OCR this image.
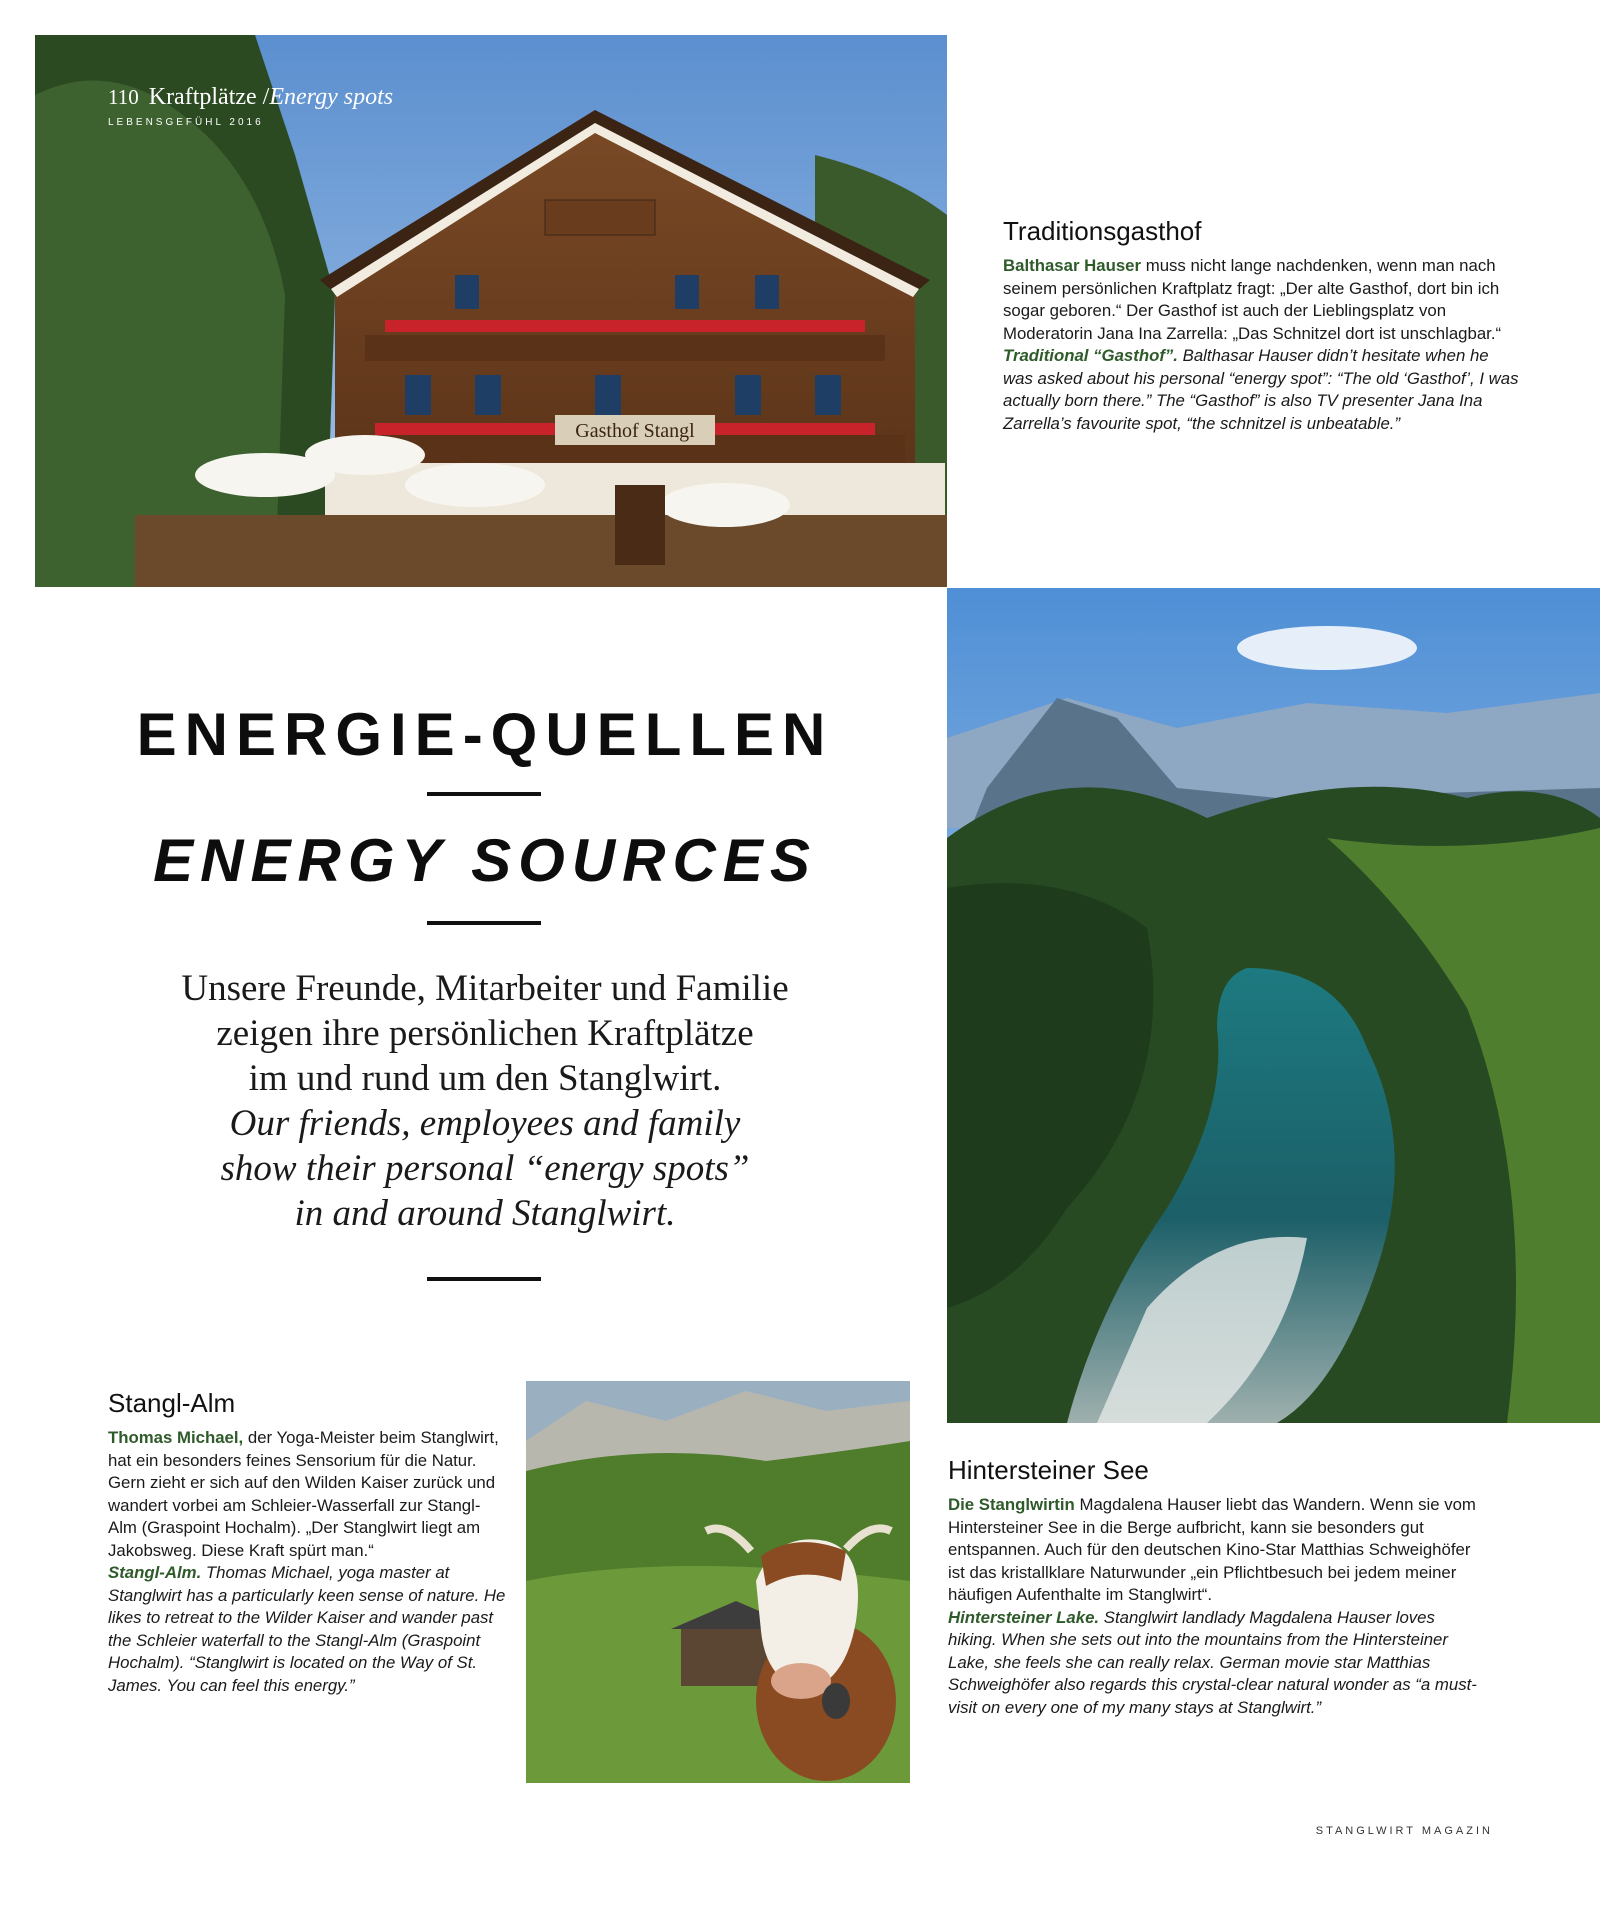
Gasthof Stangl
110 Kraftplätze /Energy spots
LEBENSGEFÜHL 2016
Traditionsgasthof

Balthasar Hauser muss nicht lange nachdenken, wenn man nach seinem persönlichen Kraftplatz fragt: „Der alte Gasthof, dort bin ich sogar geboren.“ Der Gasthof ist auch der Lieblingsplatz von Moderatorin Jana Ina Zarrella: „Das Schnitzel dort ist unschlagbar.“

Traditional “Gasthof”. Balthasar Hauser didn’t hesitate when he was asked about his personal “energy spot”: “The old ‘Gasthof’, I was actually born there.” The “Gasthof” is also TV presenter Jana Ina Zarrella’s favourite spot, “the schnitzel is unbeatable.”

ENERGIE-QUELLEN
ENERGY SOURCES
Unsere Freunde, Mitarbeiter und Familie
zeigen ihre persönlichen Kraftplätze
im und rund um den Stanglwirt.
Our friends, employees and family
show their personal “energy spots”
in and around Stanglwirt.
Stangl-Alm

Thomas Michael, der Yoga-Meister beim Stanglwirt, hat ein besonders feines Sensorium für die Natur. Gern zieht er sich auf den Wilden Kaiser zurück und wandert vorbei am Schleier-Wasserfall zur Stangl-Alm (Graspoint Hochalm). „Der Stanglwirt liegt am Jakobsweg. Diese Kraft spürt man.“

Stangl-Alm. Thomas Michael, yoga master at Stanglwirt has a particularly keen sense of nature. He likes to retreat to the Wilder Kaiser and wander past the Schleier waterfall to the Stangl-Alm (Graspoint Hochalm). “Stanglwirt is located on the Way of St. James. You can feel this energy.”

Hintersteiner See

Die Stanglwirtin Magdalena Hauser liebt das Wandern. Wenn sie vom Hintersteiner See in die Berge aufbricht, kann sie besonders gut entspannen. Auch für den deutschen Kino-Star Matthias Schweighöfer ist das kristallklare Naturwunder „ein Pflichtbesuch bei jedem meiner häufigen Aufenthalte im Stanglwirt“.

Hintersteiner Lake. Stanglwirt landlady Magdalena Hauser loves hiking. When she sets out into the mountains from the Hintersteiner Lake, she feels she can really relax. German movie star Matthias Schweighöfer also regards this crystal-clear natural wonder as “a must-visit on every one of my many stays at Stanglwirt.”

STANGLWIRT MAGAZIN
